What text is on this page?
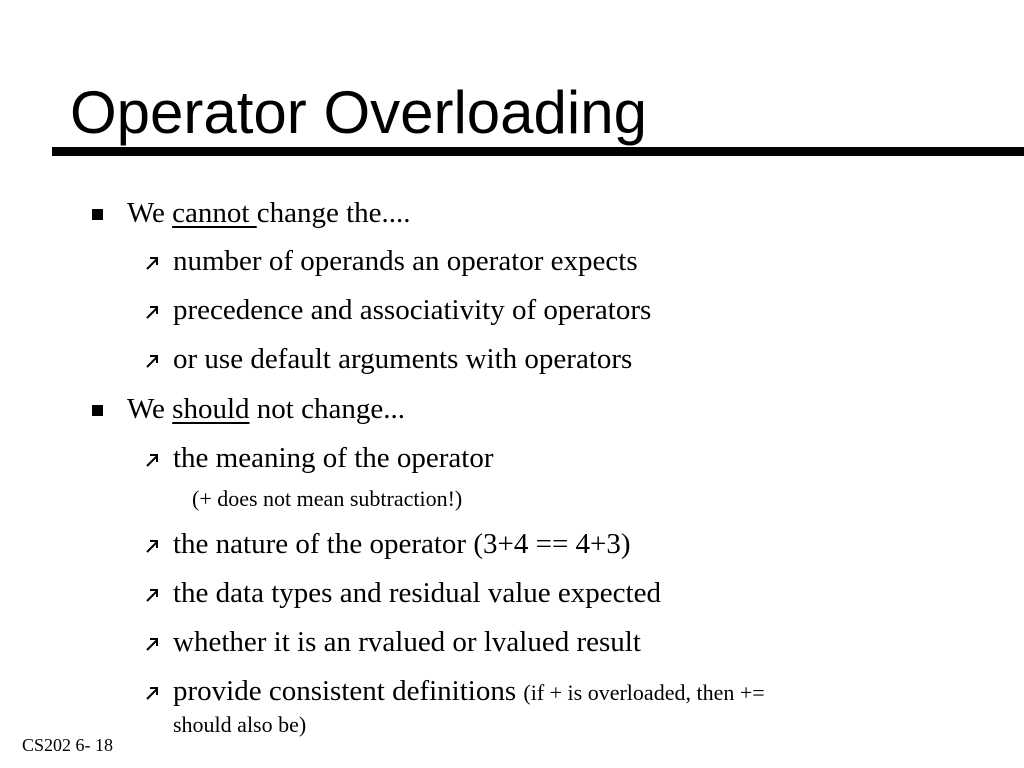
Operator Overloading
We cannot change the....
number of operands an operator expects
precedence and associativity of operators
or use default arguments with operators
We should not change...
the meaning of the operator
(+ does not mean subtraction!)
the nature of the operator (3+4 == 4+3)
the data types and residual value expected
whether it is an rvalued or lvalued result
provide consistent definitions (if + is overloaded, then +=
should also be)
CS202 6- 18
